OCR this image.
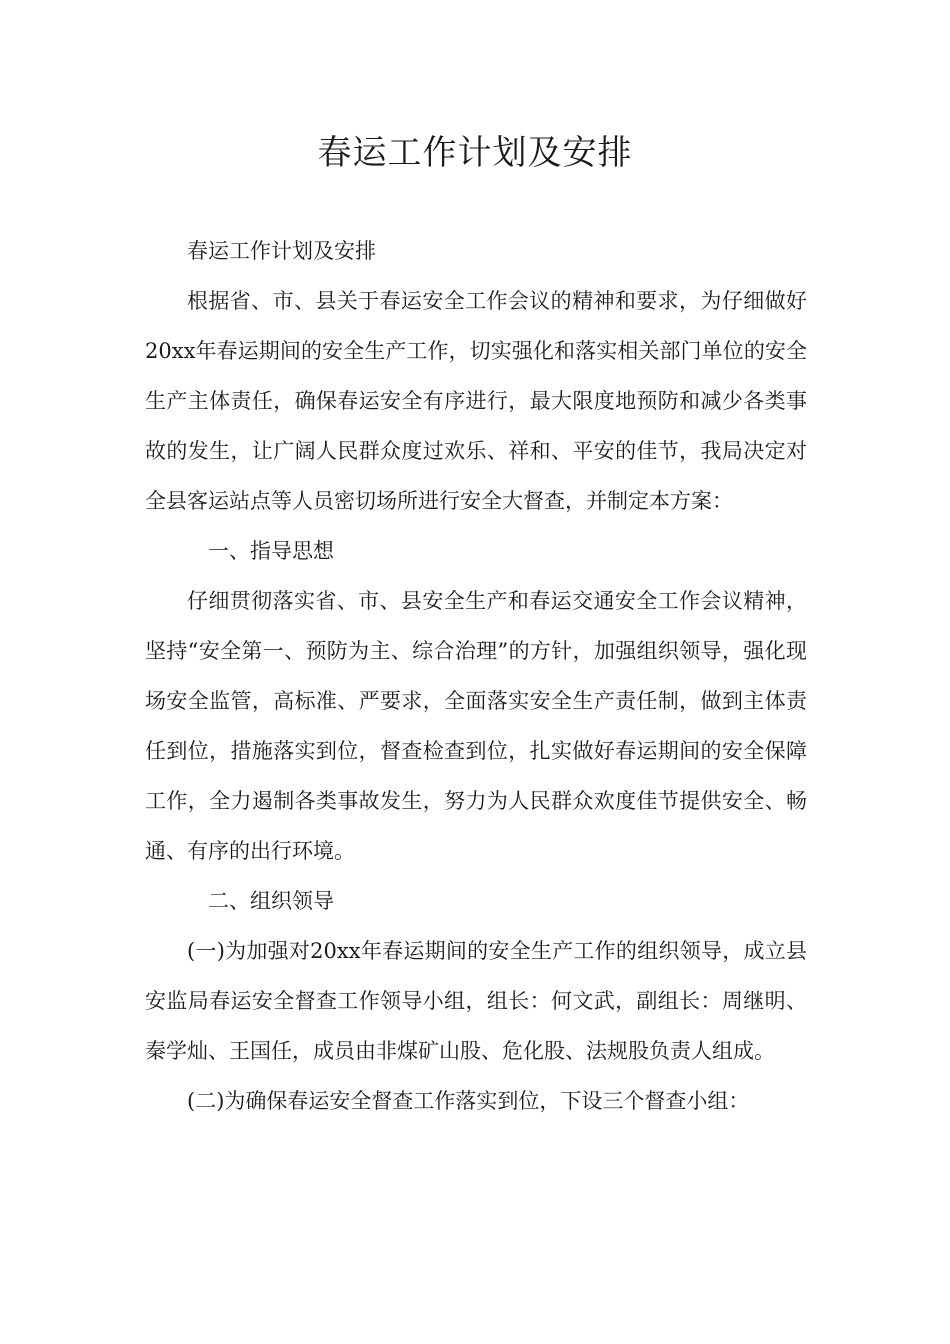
春运工作计划及安排

春运工作计划及安排

根据省、市、县关于春运安全工作会议的精神和要求，为仔细做好20xx年春运期间的安全生产工作，切实强化和落实相关部门单位的安全生产主体责任，确保春运安全有序进行，最大限度地预防和减少各类事故的发生，让广阔人民群众度过欢乐、祥和、平安的佳节，我局决定对全县客运站点等人员密切场所进行安全大督查，并制定本方案：

一、指导思想

仔细贯彻落实省、市、县安全生产和春运交通安全工作会议精神，坚持“安全第一、预防为主、综合治理”的方针，加强组织领导，强化现场安全监管，高标准、严要求，全面落实安全生产责任制，做到主体责任到位，措施落实到位，督查检查到位，扎实做好春运期间的安全保障工作，全力遏制各类事故发生，努力为人民群众欢度佳节提供安全、畅通、有序的出行环境。

二、组织领导

(一)为加强对20xx年春运期间的安全生产工作的组织领导，成立县安监局春运安全督查工作领导小组，组长：何文武，副组长：周继明、秦学灿、王国任，成员由非煤矿山股、危化股、法规股负责人组成。

(二)为确保春运安全督查工作落实到位，下设三个督查小组：
